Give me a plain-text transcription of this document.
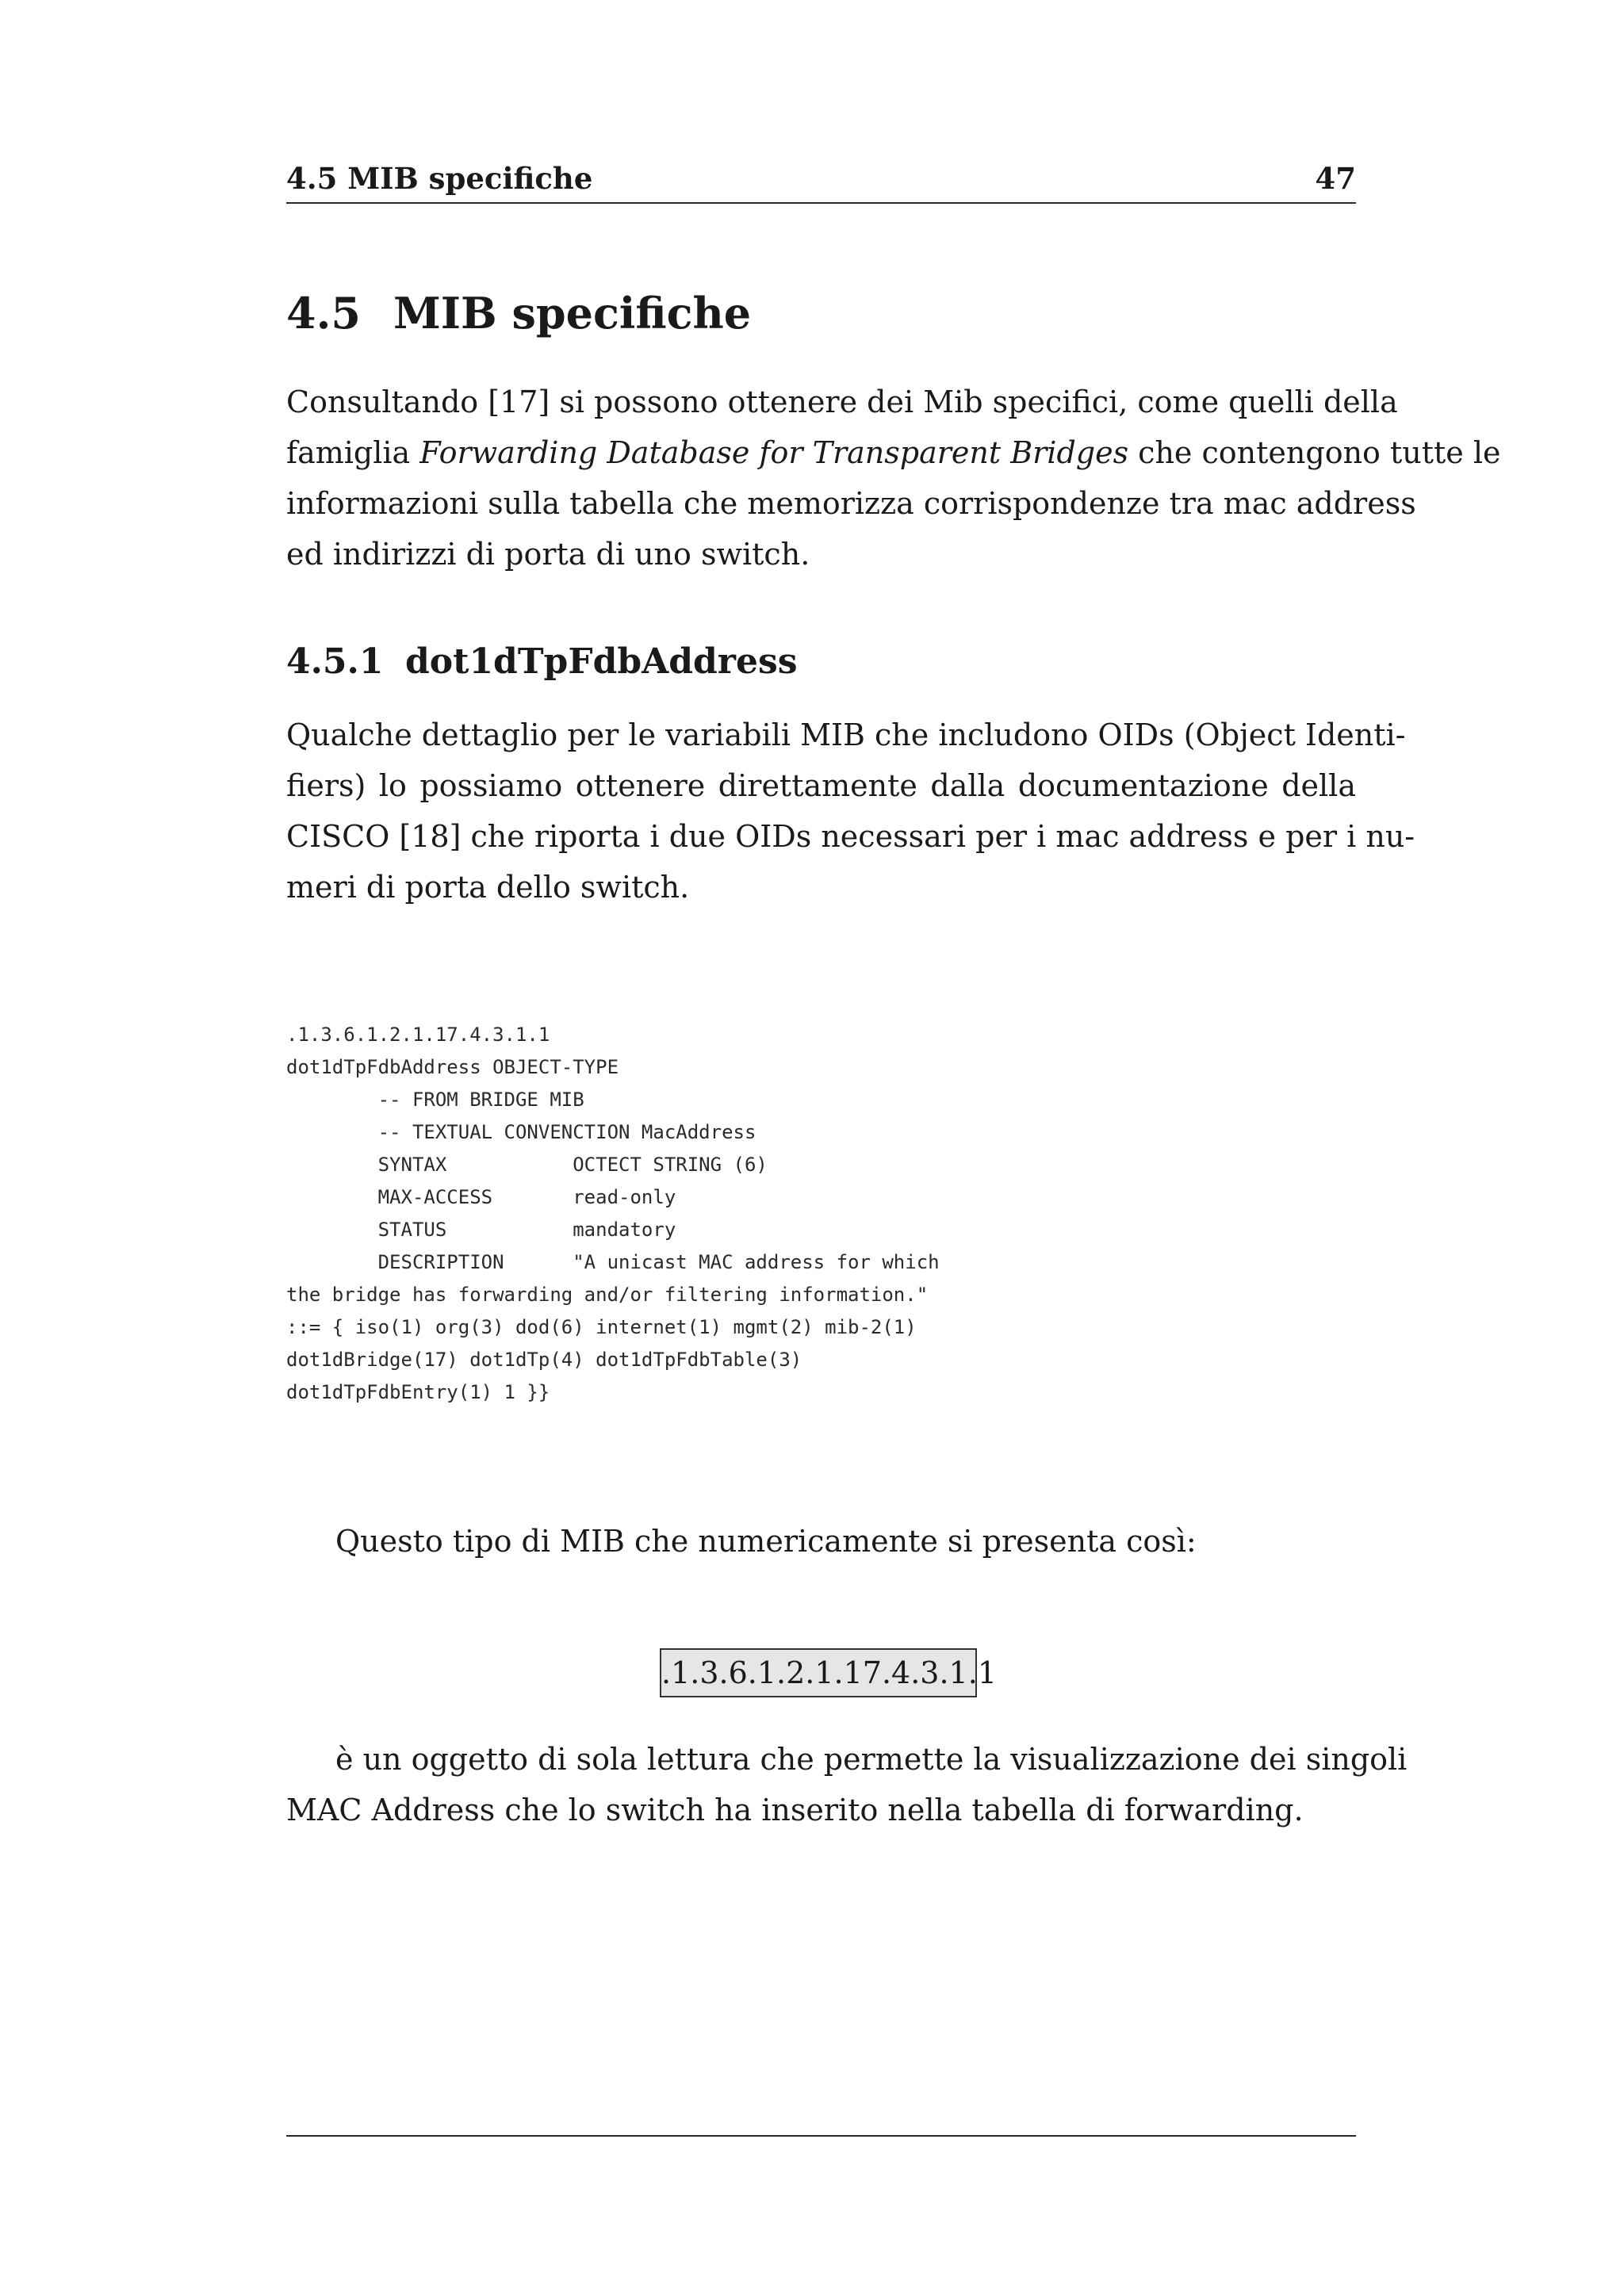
4.5 MIB specifiche	47
4.5 MIB specifiche
Consultando [17] si possono ottenere dei Mib specifici, come quelli della
famiglia Forwarding Database for Transparent Bridges che contengono tutte le
informazioni sulla tabella che memorizza corrispondenze tra mac address
ed indirizzi di porta di uno switch.
4.5.1 dot1dTpFdbAddress
Qualche dettaglio per le variabili MIB che includono OIDs (Object Identi-
fiers) lo possiamo ottenere direttamente dalla documentazione della
CISCO [18] che riporta i due OIDs necessari per i mac address e per i nu-
meri di porta dello switch.
.1.3.6.1.2.1.17.4.3.1.1
dot1dTpFdbAddress OBJECT-TYPE
-- FROM BRIDGE MIB
-- TEXTUAL CONVENCTION MacAddress
SYNTAX           OCTECT STRING (6)
MAX-ACCESS       read-only
STATUS           mandatory
DESCRIPTION      "A unicast MAC address for which
the bridge has forwarding and/or filtering information."
::= { iso(1) org(3) dod(6) internet(1) mgmt(2) mib-2(1)
dot1dBridge(17) dot1dTp(4) dot1dTpFdbTable(3)
dot1dTpFdbEntry(1) 1 }}
Questo tipo di MIB che numericamente si presenta così:
.1.3.6.1.2.1.17.4.3.1.1
è un oggetto di sola lettura che permette la visualizzazione dei singoli
MAC Address che lo switch ha inserito nella tabella di forwarding.
